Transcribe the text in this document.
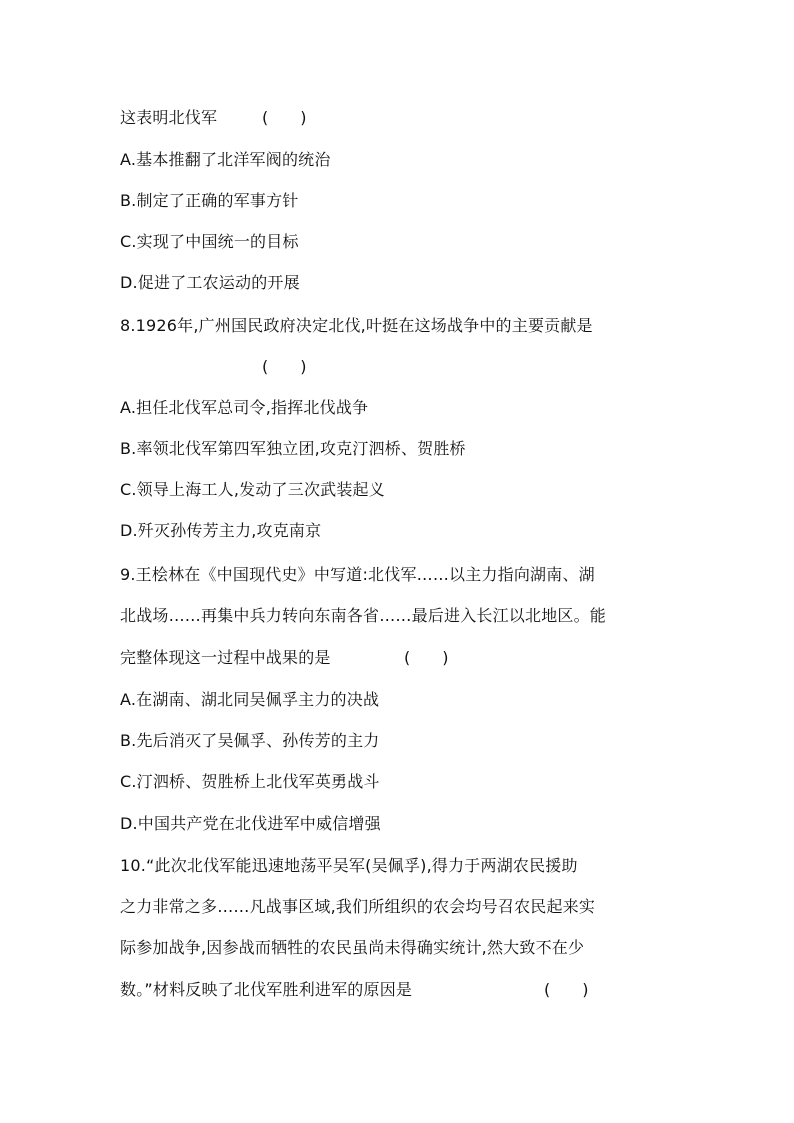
这表明北伐军	(　　)
A.基本推翻了北洋军阀的统治
B.制定了正确的军事方针
C.实现了中国统一的目标
D.促进了工农运动的开展
8.1926年,广州国民政府决定北伐,叶挺在这场战争中的主要贡献是
(　　)
A.担任北伐军总司令,指挥北伐战争
B.率领北伐军第四军独立团,攻克汀泗桥、贺胜桥
C.领导上海工人,发动了三次武装起义
D.歼灭孙传芳主力,攻克南京
9.王桧林在《中国现代史》中写道:北伐军……以主力指向湖南、湖
北战场……再集中兵力转向东南各省……最后进入长江以北地区。能
完整体现这一过程中战果的是	(　　)
A.在湖南、湖北同吴佩孚主力的决战
B.先后消灭了吴佩孚、孙传芳的主力
C.汀泗桥、贺胜桥上北伐军英勇战斗
D.中国共产党在北伐进军中威信增强
10.“此次北伐军能迅速地荡平吴军(吴佩孚),得力于两湖农民援助
之力非常之多……凡战事区域,我们所组织的农会均号召农民起来实
际参加战争,因参战而牺牲的农民虽尚未得确实统计,然大致不在少
数。”材料反映了北伐军胜利进军的原因是	(　　)
